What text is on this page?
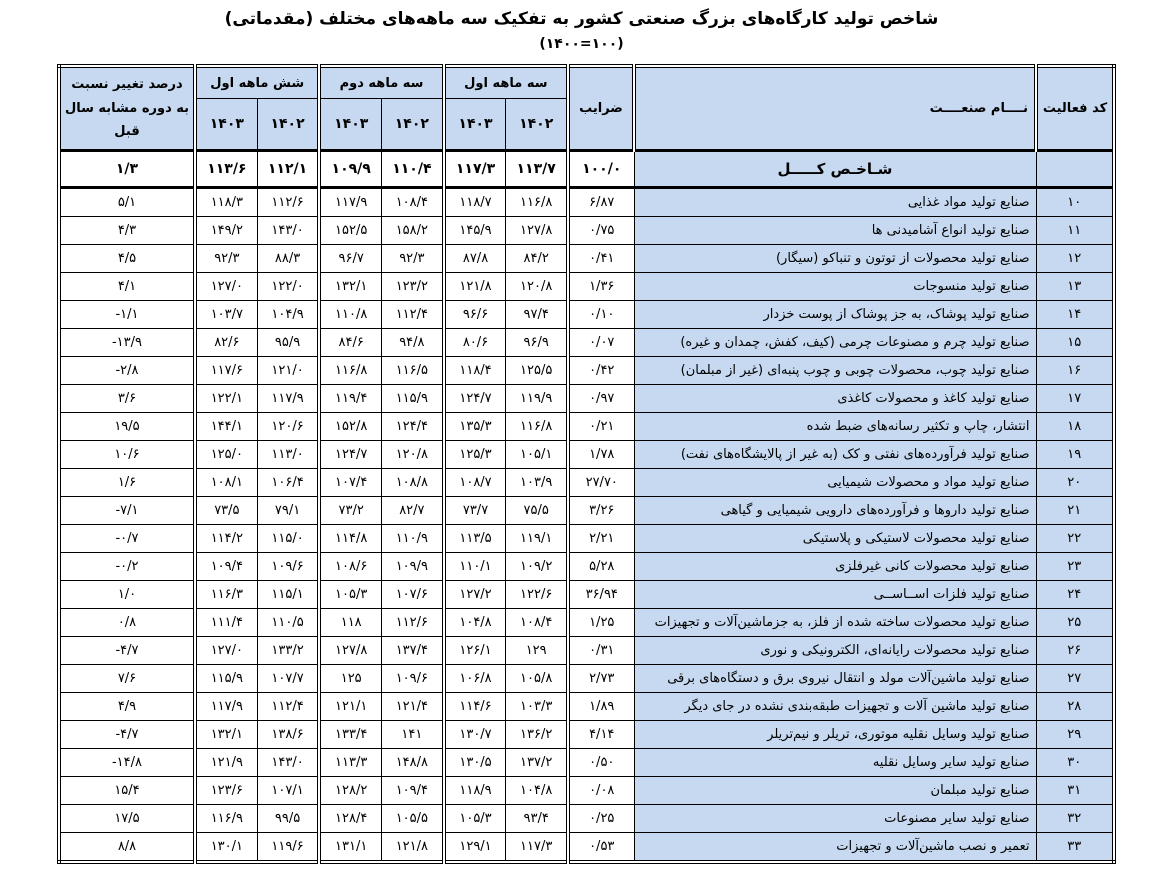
شاخص تولید کارگاه‌های بزرگ صنعتی کشور به تفکیک سه ماهه‌های مختلف (مقدماتی)
(۱۴۰۰=۱۰۰)
کد فعالیت	نــــام صنعــــت	ضرایب	سه ماهه اول		سه ماهه دوم		شش ماهه اول		درصد تغییر نسبت به دوره مشابه سال قبل
			۱۴۰۲	۱۴۰۳	۱۴۰۲	۱۴۰۳	۱۴۰۲	۱۴۰۳	
	شـاخـص کـــــل	۱۰۰/۰	۱۱۳/۷	۱۱۷/۳	۱۱۰/۴	۱۰۹/۹	۱۱۲/۱	۱۱۳/۶	۱/۳
۱۰	صنایع تولید مواد غذایی	۶/۸۷	۱۱۶/۸	۱۱۸/۷	۱۰۸/۴	۱۱۷/۹	۱۱۲/۶	۱۱۸/۳	۵/۱
۱۱	صنایع تولید انواع آشامیدنی ها	۰/۷۵	۱۲۷/۸	۱۴۵/۹	۱۵۸/۲	۱۵۲/۵	۱۴۳/۰	۱۴۹/۲	۴/۳
۱۲	صنایع تولید محصولات از توتون و تنباکو (سیگار)	۰/۴۱	۸۴/۲	۸۷/۸	۹۲/۳	۹۶/۷	۸۸/۳	۹۲/۳	۴/۵
۱۳	صنایع تولید منسوجات	۱/۳۶	۱۲۰/۸	۱۲۱/۸	۱۲۳/۲	۱۳۲/۱	۱۲۲/۰	۱۲۷/۰	۴/۱
۱۴	صنایع تولید پوشاک، به جز پوشاک از پوست خزدار	۰/۱۰	۹۷/۴	۹۶/۶	۱۱۲/۴	۱۱۰/۸	۱۰۴/۹	۱۰۳/۷	-۱/۱
۱۵	صنایع تولید چرم و مصنوعات چرمی (کیف، کفش، چمدان و غیره)	۰/۰۷	۹۶/۹	۸۰/۶	۹۴/۸	۸۴/۶	۹۵/۹	۸۲/۶	-۱۳/۹
۱۶	صنایع تولید چوب، محصولات چوبی و چوب پنبه‌ای (غیر از مبلمان)	۰/۴۲	۱۲۵/۵	۱۱۸/۴	۱۱۶/۵	۱۱۶/۸	۱۲۱/۰	۱۱۷/۶	-۲/۸
۱۷	صنایع تولید کاغذ و محصولات کاغذی	۰/۹۷	۱۱۹/۹	۱۲۴/۷	۱۱۵/۹	۱۱۹/۴	۱۱۷/۹	۱۲۲/۱	۳/۶
۱۸	انتشار، چاپ و تکثیر رسانه‌های ضبط شده	۰/۲۱	۱۱۶/۸	۱۳۵/۳	۱۲۴/۴	۱۵۲/۸	۱۲۰/۶	۱۴۴/۱	۱۹/۵
۱۹	صنایع تولید فرآورده‌های نفتی و کک (به غیر از پالایشگاه‌های نفت)	۱/۷۸	۱۰۵/۱	۱۲۵/۳	۱۲۰/۸	۱۲۴/۷	۱۱۳/۰	۱۲۵/۰	۱۰/۶
۲۰	صنایع تولید مواد و محصولات شیمیایی	۲۷/۷۰	۱۰۳/۹	۱۰۸/۷	۱۰۸/۸	۱۰۷/۴	۱۰۶/۴	۱۰۸/۱	۱/۶
۲۱	صنایع تولید داروها و فرآورده‌های دارویی شیمیایی و گیاهی	۳/۲۶	۷۵/۵	۷۳/۷	۸۲/۷	۷۳/۲	۷۹/۱	۷۳/۵	-۷/۱
۲۲	صنایع تولید محصولات لاستیکی و پلاستیکی	۲/۲۱	۱۱۹/۱	۱۱۳/۵	۱۱۰/۹	۱۱۴/۸	۱۱۵/۰	۱۱۴/۲	-۰/۷
۲۳	صنایع تولید محصولات کانی غیرفلزی	۵/۲۸	۱۰۹/۲	۱۱۰/۱	۱۰۹/۹	۱۰۸/۶	۱۰۹/۶	۱۰۹/۴	-۰/۲
۲۴	صنایع تولید فلزات اســاســی	۳۶/۹۴	۱۲۲/۶	۱۲۷/۲	۱۰۷/۶	۱۰۵/۳	۱۱۵/۱	۱۱۶/۳	۱/۰
۲۵	صنایع تولید محصولات ساخته شده از فلز، به جزماشین‌آلات و تجهیزات	۱/۲۵	۱۰۸/۴	۱۰۴/۸	۱۱۲/۶	۱۱۸	۱۱۰/۵	۱۱۱/۴	۰/۸
۲۶	صنایع تولید محصولات رایانه‌ای، الکترونیکی و نوری	۰/۳۱	۱۲۹	۱۲۶/۱	۱۳۷/۴	۱۲۷/۸	۱۳۳/۲	۱۲۷/۰	-۴/۷
۲۷	صنایع تولید ماشین‌آلات مولد و انتقال نیروی برق و دستگاه‌های برقی	۲/۷۳	۱۰۵/۸	۱۰۶/۸	۱۰۹/۶	۱۲۵	۱۰۷/۷	۱۱۵/۹	۷/۶
۲۸	صنایع تولید ماشین آلات و تجهیزات طبقه‌بندی نشده در جای دیگر	۱/۸۹	۱۰۳/۳	۱۱۴/۶	۱۲۱/۴	۱۲۱/۱	۱۱۲/۴	۱۱۷/۹	۴/۹
۲۹	صنایع تولید وسایل نقلیه موتوری، تریلر و نیم‌تریلر	۴/۱۴	۱۳۶/۲	۱۳۰/۷	۱۴۱	۱۳۳/۴	۱۳۸/۶	۱۳۲/۱	-۴/۷
۳۰	صنایع تولید سایر وسایل نقلیه	۰/۵۰	۱۳۷/۲	۱۳۰/۵	۱۴۸/۸	۱۱۳/۳	۱۴۳/۰	۱۲۱/۹	-۱۴/۸
۳۱	صنایع تولید مبلمان	۰/۰۸	۱۰۴/۸	۱۱۸/۹	۱۰۹/۴	۱۲۸/۲	۱۰۷/۱	۱۲۳/۶	۱۵/۴
۳۲	صنایع تولید سایر مصنوعات	۰/۲۵	۹۳/۴	۱۰۵/۳	۱۰۵/۵	۱۲۸/۴	۹۹/۵	۱۱۶/۹	۱۷/۵
۳۳	تعمیر و نصب ماشین‌آلات و تجهیزات	۰/۵۳	۱۱۷/۳	۱۲۹/۱	۱۲۱/۸	۱۳۱/۱	۱۱۹/۶	۱۳۰/۱	۸/۸
